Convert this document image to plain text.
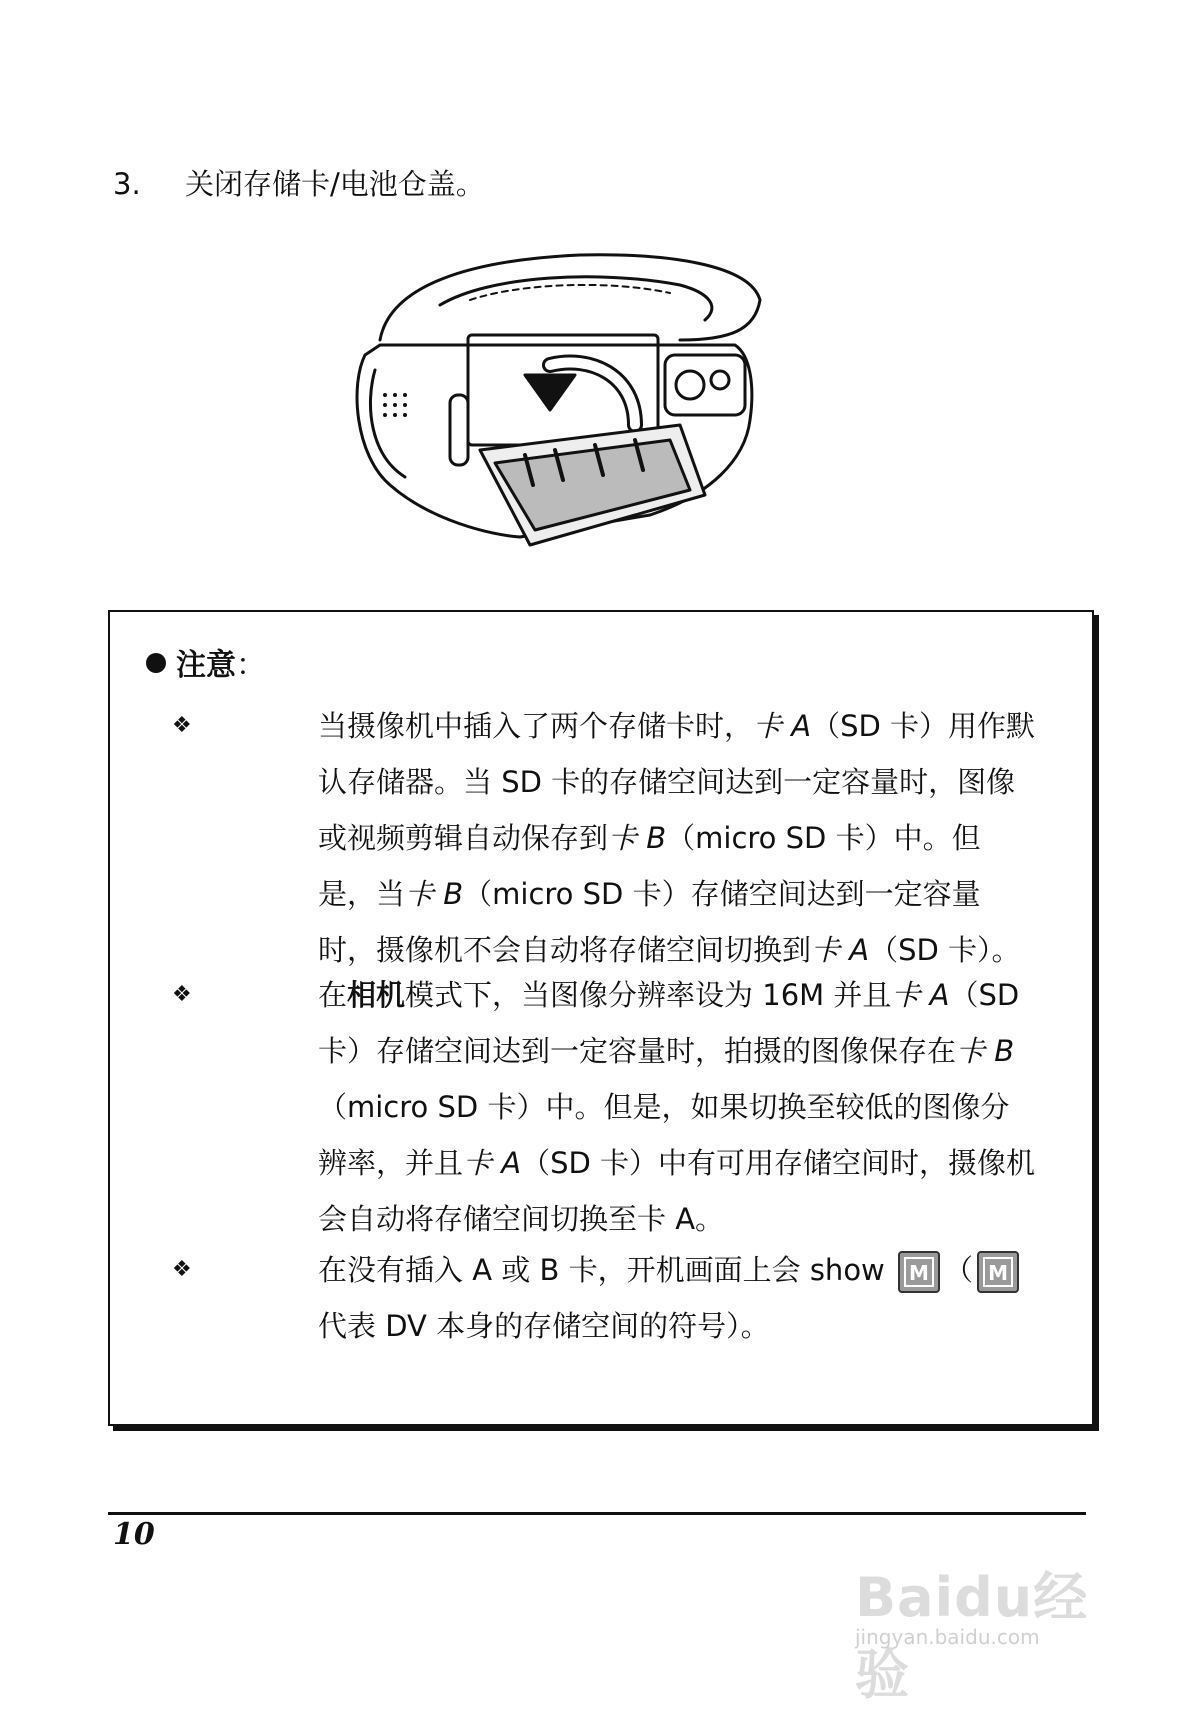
3. 关闭存储卡/电池仓盖。
注意：
❖	当摄像机中插入了两个存储卡时，卡 A（SD 卡）用作默认存储器。当 SD 卡的存储空间达到一定容量时，图像或视频剪辑自动保存到卡 B（micro SD 卡）中。但是，当卡 B（micro SD 卡）存储空间达到一定容量时，摄像机不会自动将存储空间切换到卡 A（SD 卡）。
❖	在相机模式下，当图像分辨率设为 16M 并且卡 A（SD 卡）存储空间达到一定容量时，拍摄的图像保存在卡 B（micro SD 卡）中。但是，如果切换至较低的图像分辨率，并且卡 A（SD 卡）中有可用存储空间时，摄像机会自动将存储空间切换至卡 A。
❖	在没有插入 A 或 B 卡，开机画面上会 show M （ M
代表 DV 本身的存储空间的符号）。
10
Baidu经验
jingyan.baidu.com
